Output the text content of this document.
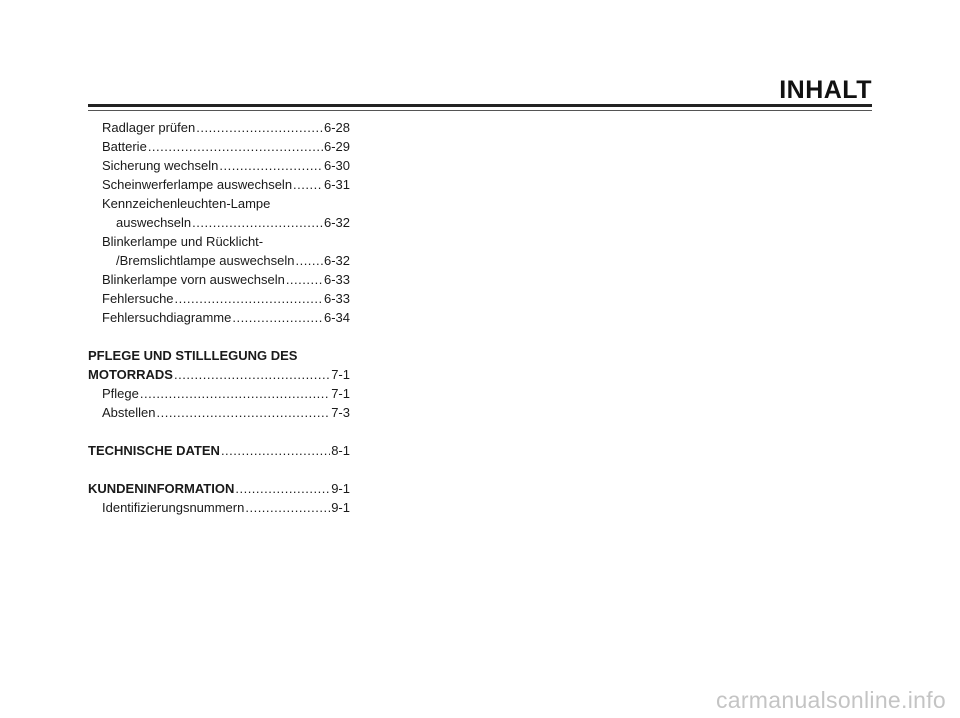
INHALT
Radlager prüfen .....	6-28
Batterie .....	6-29
Sicherung wechseln .....	6-30
Scheinwerferlampe auswechseln ..... 6-31
Kennzeichenleuchten-Lampe
auswechseln .....	6-32
Blinkerlampe und Rücklicht-
/Bremslichtlampe auswechseln ..... 6-32
Blinkerlampe vorn auswechseln .....	6-33
Fehlersuche .....	6-33
Fehlersuchdiagramme .....	6-34
PFLEGE UND STILLLEGUNG DES
MOTORRADS .....	7-1
Pflege .....	7-1
Abstellen .....	7-3
TECHNISCHE DATEN .....	8-1
KUNDENINFORMATION .....	9-1
Identifizierungsnummern .....	9-1
carmanualsonline.info
